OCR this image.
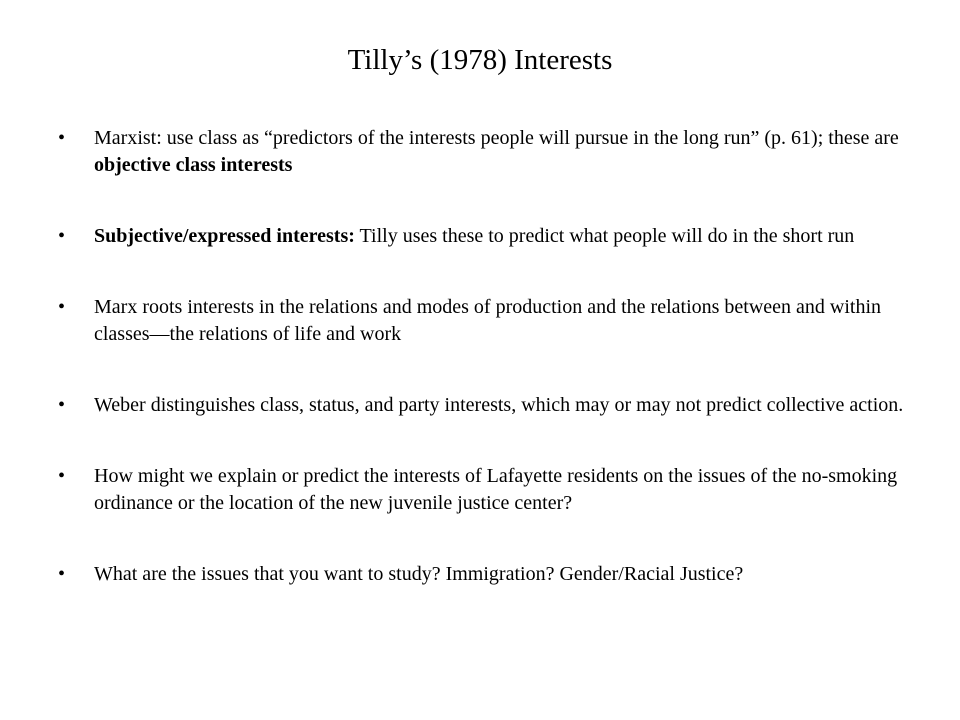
Tilly’s (1978) Interests
•	Marxist: use class as “predictors of the interests people will pursue in the long run” (p. 61); these are objective class interests
•	Subjective/expressed interests: Tilly uses these to predict what people will do in the short run
•	Marx roots interests in the relations and modes of production and the relations between and within classes—the relations of life and work
•	Weber distinguishes class, status, and party interests, which may or may not predict collective action.
•	How might we explain or predict the interests of Lafayette residents on the issues of the no-smoking ordinance or the location of the new juvenile justice center?
•	What are the issues that you want to study? Immigration? Gender/Racial Justice?
